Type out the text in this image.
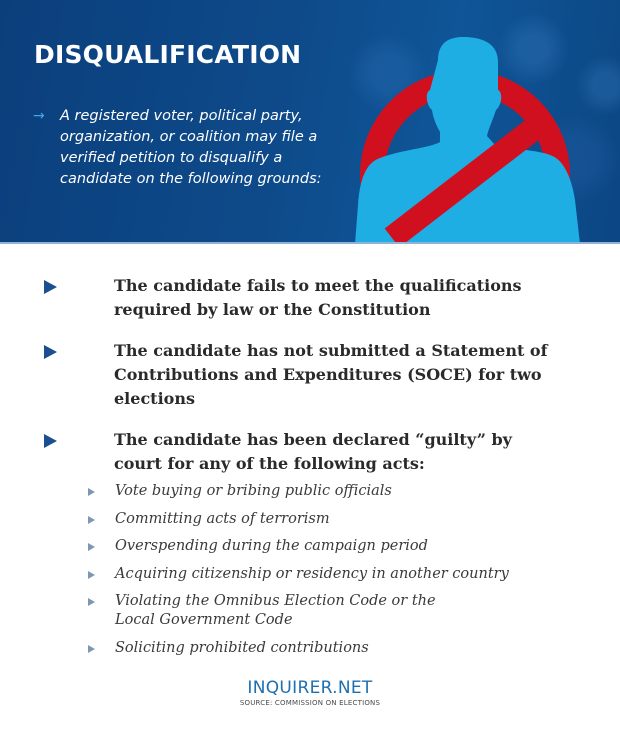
DISQUALIFICATION
→	A registered voter, political party, organization, or coalition may file a verified petition to disqualify a candidate on the following grounds:
The candidate fails to meet the qualifications required by law or the Constitution
The candidate has not submitted a Statement of Contributions and Expenditures (SOCE) for two elections
The candidate has been declared “guilty” by court for any of the following acts:
Vote buying or bribing public officials
Committing acts of terrorism
Overspending during the campaign period
Acquiring citizenship or residency in another country
Violating the Omnibus Election Code or the Local Government Code
Soliciting prohibited contributions
INQUIRER.NET
SOURCE: COMMISSION ON ELECTIONS
